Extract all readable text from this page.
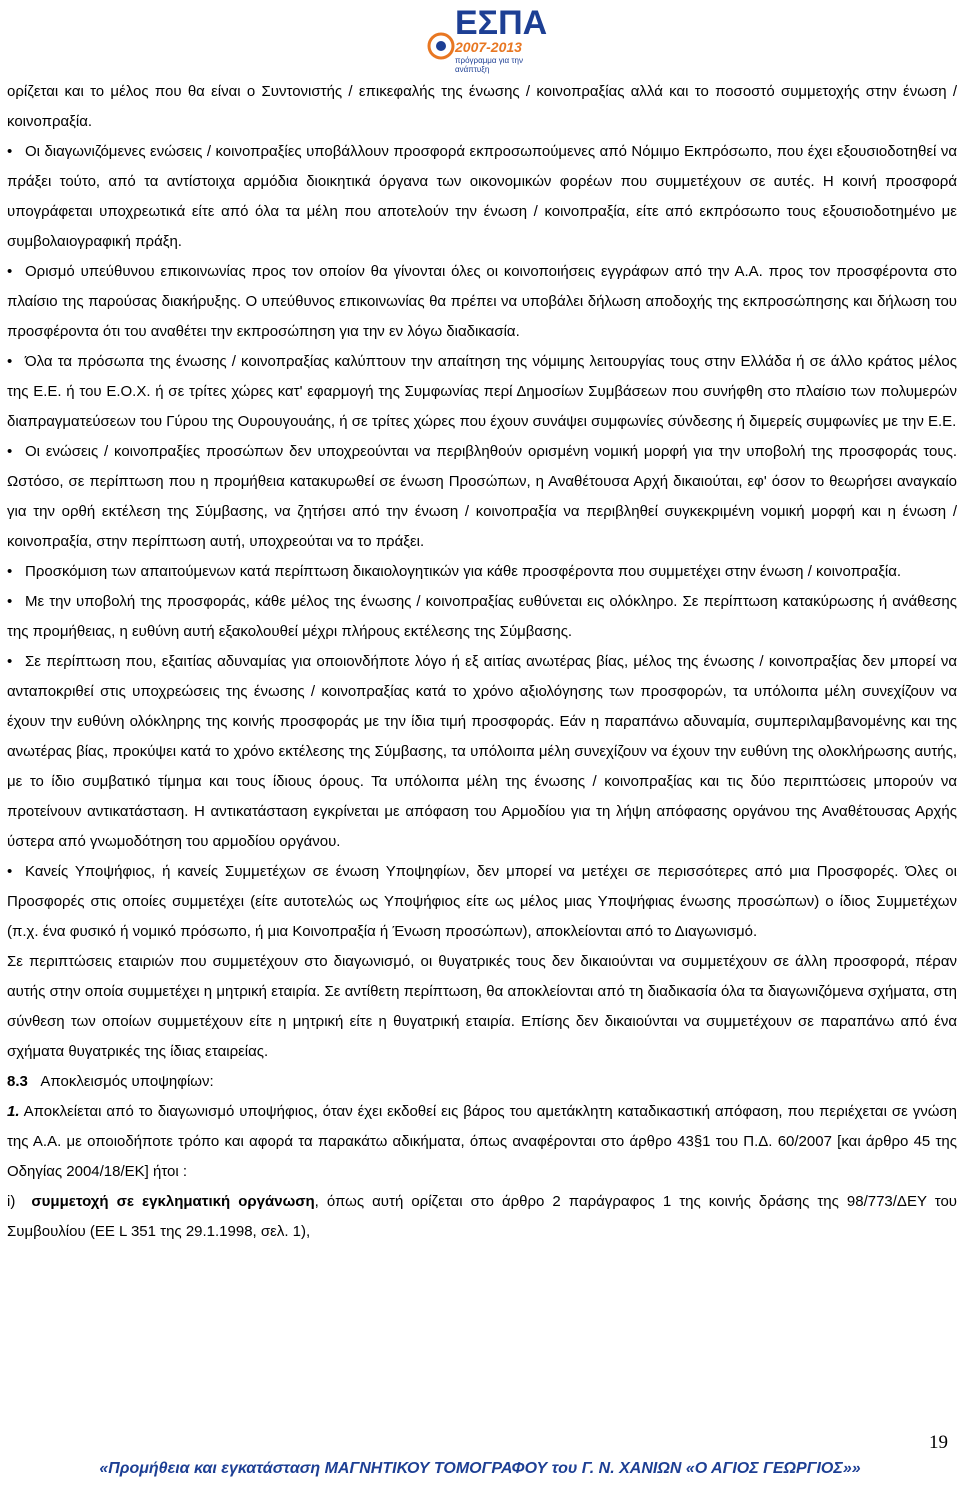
ΕΣΠΑ
2007-2013
πρόγραμμα για την ανάπτυξη

ορίζεται και το μέλος που θα είναι ο Συντονιστής / επικεφαλής της ένωσης / κοινοπραξίας αλλά και το ποσοστό συμμετοχής στην ένωση /κοινοπραξία.

• Οι διαγωνιζόμενες ενώσεις / κοινοπραξίες υποβάλλουν προσφορά εκπροσωπούμενες από Νόμιμο Εκπρόσωπο, που έχει εξουσιοδοτηθεί να πράξει τούτο, από τα αντίστοιχα αρμόδια διοικητικά όργανα των οικονομικών φορέων που συμμετέχουν σε αυτές. Η κοινή προσφορά υπογράφεται υποχρεωτικά είτε από όλα τα μέλη που αποτελούν την ένωση / κοινοπραξία, είτε από εκπρόσωπο τους εξουσιοδοτημένο με συμβολαιογραφική πράξη.

• Ορισμό υπεύθυνου επικοινωνίας προς τον οποίον θα γίνονται όλες οι κοινοποιήσεις εγγράφων από την Α.Α. προς τον προσφέροντα στο πλαίσιο της παρούσας διακήρυξης. Ο υπεύθυνος επικοινωνίας θα πρέπει να υποβάλει δήλωση αποδοχής της εκπροσώπησης και δήλωση του προσφέροντα ότι του αναθέτει την εκπροσώπηση για την εν λόγω διαδικασία.

• Όλα τα πρόσωπα της ένωσης / κοινοπραξίας καλύπτουν την απαίτηση της νόμιμης λειτουργίας τους στην Ελλάδα ή σε άλλο κράτος μέλος της Ε.Ε. ή του Ε.Ο.Χ. ή σε τρίτες χώρες κατ' εφαρμογή της Συμφωνίας περί Δημοσίων Συμβάσεων που συνήφθη στο πλαίσιο των πολυμερών διαπραγματεύσεων του Γύρου της Ουρουγουάης, ή σε τρίτες χώρες που έχουν συνάψει συμφωνίες σύνδεσης ή διμερείς συμφωνίες με την Ε.Ε.

• Οι ενώσεις / κοινοπραξίες προσώπων δεν υποχρεούνται να περιβληθούν ορισμένη νομική μορφή για την υποβολή της προσφοράς τους. Ωστόσο, σε περίπτωση που η προμήθεια κατακυρωθεί σε ένωση Προσώπων, η Αναθέτουσα Αρχή δικαιούται, εφ' όσον το θεωρήσει αναγκαίο για την ορθή εκτέλεση της Σύμβασης, να ζητήσει από την ένωση / κοινοπραξία να περιβληθεί συγκεκριμένη νομική μορφή και η ένωση / κοινοπραξία, στην περίπτωση αυτή, υποχρεούται να το πράξει.

• Προσκόμιση των απαιτούμενων κατά περίπτωση δικαιολογητικών για κάθε προσφέροντα που συμμετέχει στην ένωση / κοινοπραξία.

• Με την υποβολή της προσφοράς, κάθε μέλος της ένωσης / κοινοπραξίας ευθύνεται εις ολόκληρο. Σε περίπτωση κατακύρωσης ή ανάθεσης της προμήθειας, η ευθύνη αυτή εξακολουθεί μέχρι πλήρους εκτέλεσης της Σύμβασης.

• Σε περίπτωση που, εξαιτίας αδυναμίας για οποιονδήποτε λόγο ή εξ αιτίας ανωτέρας βίας, μέλος της ένωσης / κοινοπραξίας δεν μπορεί να ανταποκριθεί στις υποχρεώσεις της ένωσης / κοινοπραξίας κατά το χρόνο αξιολόγησης των προσφορών, τα υπόλοιπα μέλη συνεχίζουν να έχουν την ευθύνη ολόκληρης της κοινής προσφοράς με την ίδια τιμή προσφοράς. Εάν η παραπάνω αδυναμία, συμπεριλαμβανομένης και της ανωτέρας βίας, προκύψει κατά το χρόνο εκτέλεσης της Σύμβασης, τα υπόλοιπα μέλη συνεχίζουν να έχουν την ευθύνη της ολοκλήρωσης αυτής, με το ίδιο συμβατικό τίμημα και τους ίδιους όρους. Τα υπόλοιπα μέλη της ένωσης / κοινοπραξίας και τις δύο περιπτώσεις μπορούν να προτείνουν αντικατάσταση. Η αντικατάσταση εγκρίνεται με απόφαση του Αρμοδίου για τη λήψη απόφασης οργάνου της Αναθέτουσας Αρχής ύστερα από γνωμοδότηση του αρμοδίου οργάνου.

• Κανείς Υποψήφιος, ή κανείς Συμμετέχων σε ένωση Υποψηφίων, δεν μπορεί να μετέχει σε περισσότερες από μια Προσφορές. Όλες οι Προσφορές στις οποίες συμμετέχει (είτε αυτοτελώς ως Υποψήφιος είτε ως μέλος μιας Υποψήφιας ένωσης προσώπων) ο ίδιος Συμμετέχων (π.χ. ένα φυσικό ή νομικό πρόσωπο, ή μια Κοινοπραξία ή Ένωση προσώπων), αποκλείονται από το Διαγωνισμό.

Σε περιπτώσεις εταιριών που συμμετέχουν στο διαγωνισμό, οι θυγατρικές τους δεν δικαιούνται να συμμετέχουν σε άλλη προσφορά, πέραν αυτής στην οποία συμμετέχει η μητρική εταιρία. Σε αντίθετη περίπτωση, θα αποκλείονται από τη διαδικασία όλα τα διαγωνιζόμενα σχήματα, στη σύνθεση των οποίων συμμετέχουν είτε η μητρική είτε η θυγατρική εταιρία. Επίσης δεν δικαιούνται να συμμετέχουν σε παραπάνω από ένα σχήματα θυγατρικές της ίδιας εταιρείας.

8.3 Αποκλεισμός υποψηφίων:

1. Αποκλείεται από το διαγωνισμό υποψήφιος, όταν έχει εκδοθεί εις βάρος του αμετάκλητη καταδικαστική απόφαση, που περιέχεται σε γνώση της Α.Α. με οποιοδήποτε τρόπο και αφορά τα παρακάτω αδικήματα, όπως αναφέρονται στο άρθρο 43§1 του Π.Δ. 60/2007 [και άρθρο 45 της Οδηγίας 2004/18/ΕΚ] ήτοι :

i) συμμετοχή σε εγκληματική οργάνωση, όπως αυτή ορίζεται στο άρθρο 2 παράγραφος 1 της κοινής δράσης της 98/773/ΔΕΥ του Συμβουλίου (ΕΕ L 351 της 29.1.1998, σελ. 1),

19
«Προμήθεια και εγκατάσταση ΜΑΓΝΗΤΙΚΟΥ ΤΟΜΟΓΡΑΦΟΥ του Γ. Ν. ΧΑΝΙΩΝ «Ο ΑΓΙΟΣ ΓΕΩΡΓΙΟΣ»»
